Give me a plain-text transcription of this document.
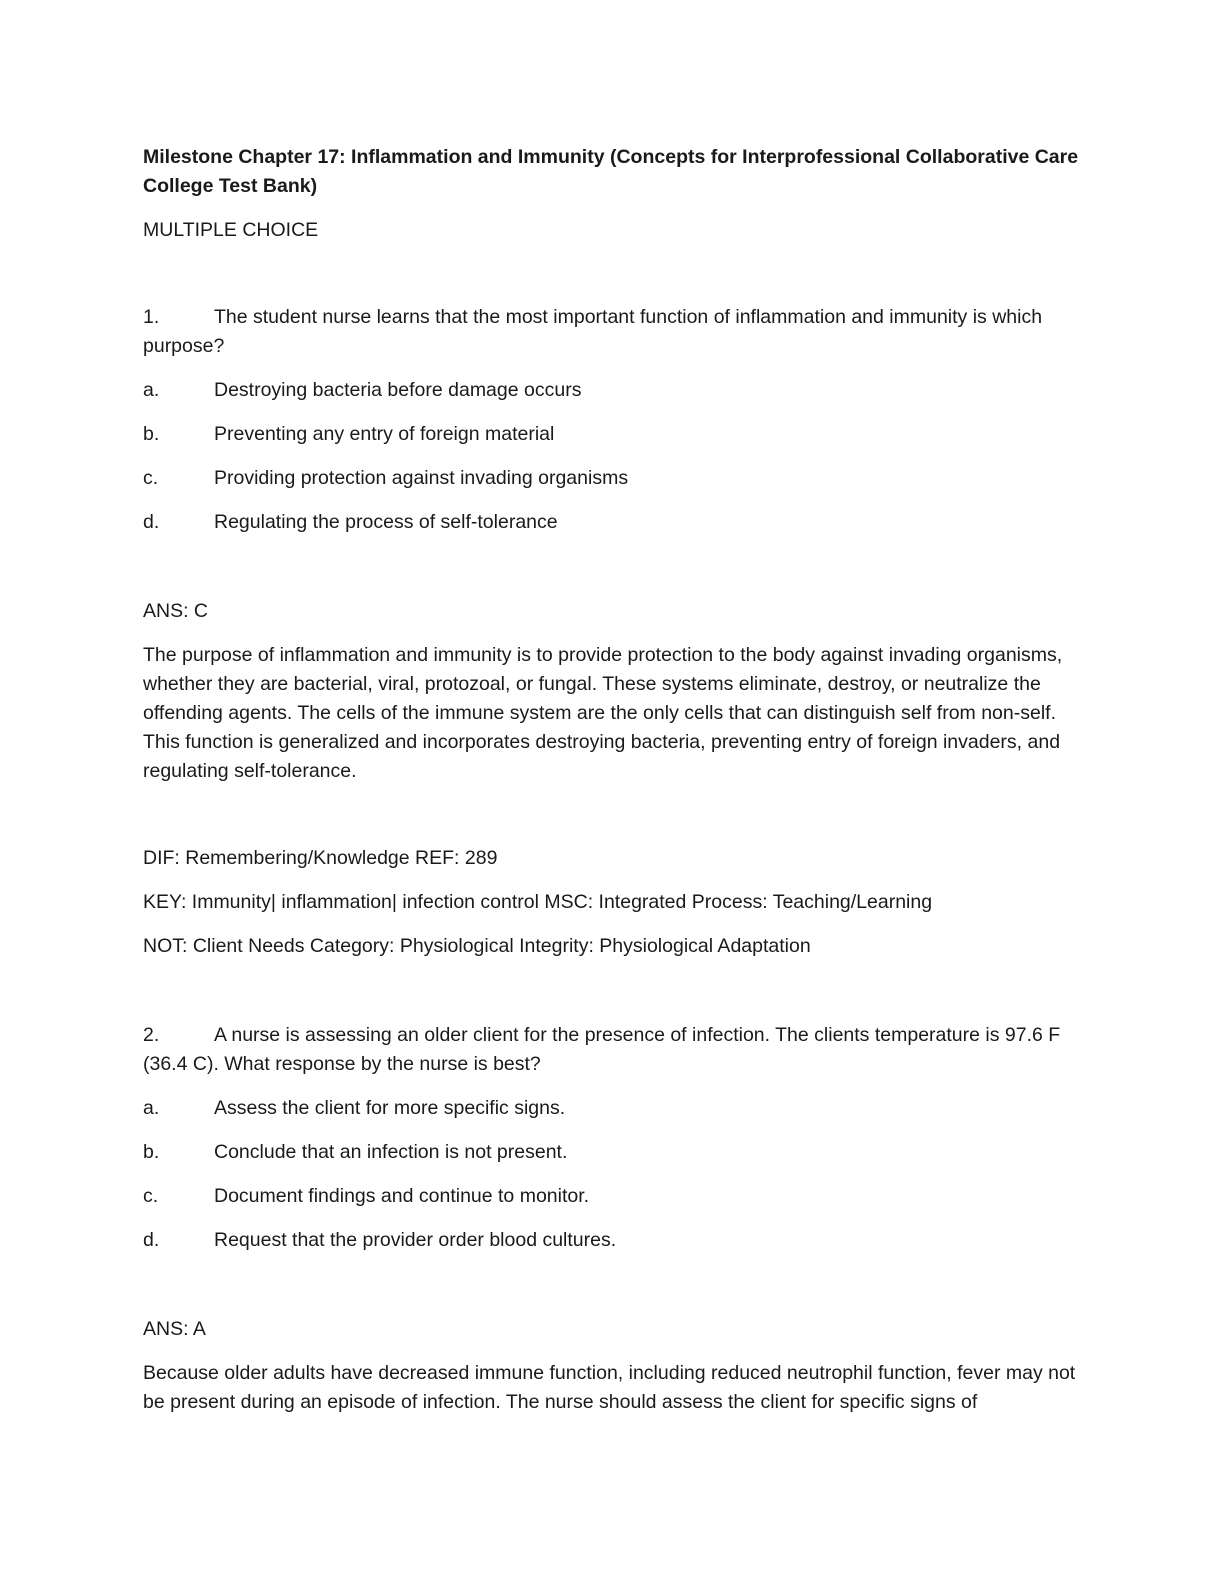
Milestone Chapter 17: Inflammation and Immunity (Concepts for Interprofessional Collaborative Care College Test Bank)

MULTIPLE CHOICE

1.	The student nurse learns that the most important function of inflammation and immunity is which purpose?

a.	Destroying bacteria before damage occurs
b.	Preventing any entry of foreign material
c.	Providing protection against invading organisms
d.	Regulating the process of self-tolerance

ANS: C

The purpose of inflammation and immunity is to provide protection to the body against invading organisms, whether they are bacterial, viral, protozoal, or fungal. These systems eliminate, destroy, or neutralize the offending agents. The cells of the immune system are the only cells that can distinguish self from non-self. This function is generalized and incorporates destroying bacteria, preventing entry of foreign invaders, and regulating self-tolerance.

DIF: Remembering/Knowledge REF: 289

KEY: Immunity| inflammation| infection control MSC: Integrated Process: Teaching/Learning

NOT: Client Needs Category: Physiological Integrity: Physiological Adaptation

2.	A nurse is assessing an older client for the presence of infection. The clients temperature is 97.6 F (36.4 C). What response by the nurse is best?

a.	Assess the client for more specific signs.
b.	Conclude that an infection is not present.
c.	Document findings and continue to monitor.
d.	Request that the provider order blood cultures.

ANS: A

Because older adults have decreased immune function, including reduced neutrophil function, fever may not be present during an episode of infection. The nurse should assess the client for specific signs of
